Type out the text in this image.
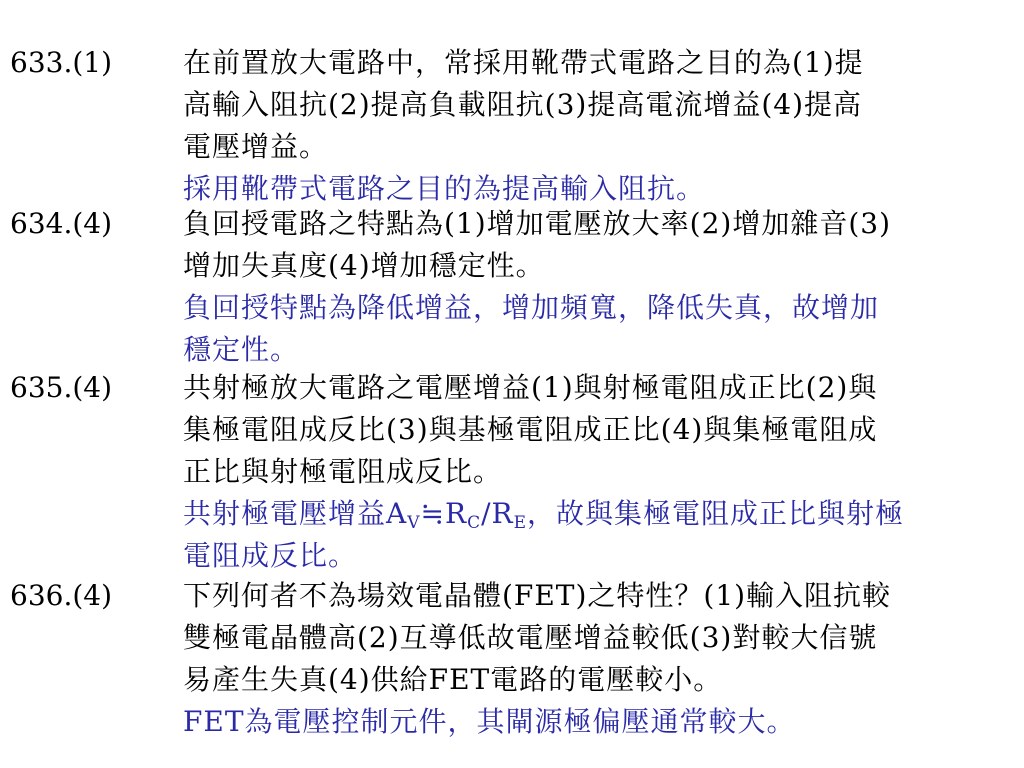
633.(1)	在前置放大電路中，常採用靴帶式電路之目的為(1)提
高輸入阻抗(2)提高負載阻抗(3)提高電流增益(4)提高
電壓增益。
採用靴帶式電路之目的為提高輸入阻抗。
634.(4)	負回授電路之特點為(1)增加電壓放大率(2)增加雜音(3)
增加失真度(4)增加穩定性。
負回授特點為降低增益，增加頻寬，降低失真，故增加
穩定性。
635.(4)	共射極放大電路之電壓增益(1)與射極電阻成正比(2)與
集極電阻成反比(3)與基極電阻成正比(4)與集極電阻成
正比與射極電阻成反比。
共射極電壓增益$A_V≒R_C/R_E$，故與集極電阻成正比與射極
電阻成反比。
636.(4)	下列何者不為場效電晶體(FET)之特性？(1)輸入阻抗較
雙極電晶體高(2)互導低故電壓增益較低(3)對較大信號
易產生失真(4)供給FET電路的電壓較小。
FET為電壓控制元件，其閘源極偏壓通常較大。
